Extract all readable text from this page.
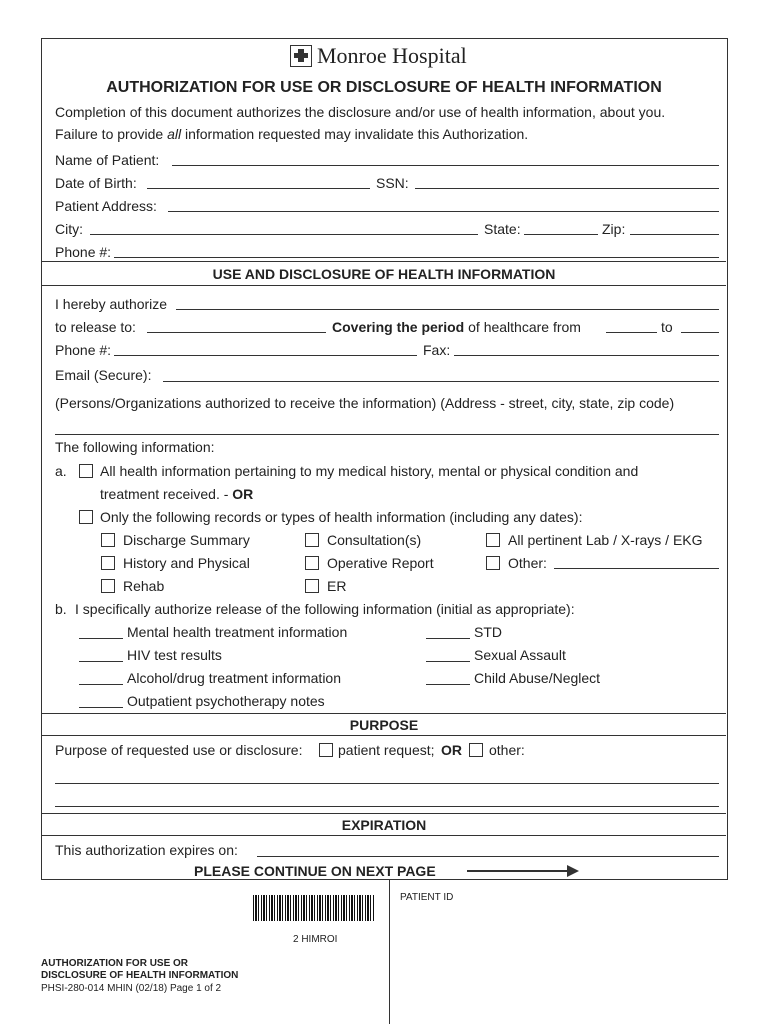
Monroe Hospital
AUTHORIZATION FOR USE OR DISCLOSURE OF HEALTH INFORMATION
Completion of this document authorizes the disclosure and/or use of health information, about you.
Failure to provide all information requested may invalidate this Authorization.
Name of Patient:
Date of Birth:	SSN:
Patient Address:
City:	State:	Zip:
Phone #:
USE AND DISCLOSURE OF HEALTH INFORMATION
I hereby authorize
to release to:	Covering the period of healthcare from	to
Phone #:	Fax:
Email (Secure):
(Persons/Organizations authorized to receive the information) (Address - street, city, state, zip code)
The following information:
a. All health information pertaining to my medical history, mental or physical condition and
treatment received. - OR
Only the following records or types of health information (including any dates):
Discharge Summary	Consultation(s)	All pertinent Lab / X-rays / EKG
History and Physical	Operative Report	Other:
Rehab	ER
b. I specifically authorize release of the following information (initial as appropriate):
Mental health treatment information	STD
HIV test results	Sexual Assault
Alcohol/drug treatment information	Child Abuse/Neglect
Outpatient psychotherapy notes
PURPOSE
Purpose of requested use or disclosure:	patient request; OR other:
EXPIRATION
This authorization expires on:
PLEASE CONTINUE ON NEXT PAGE
PATIENT ID
2 HIMROI
AUTHORIZATION FOR USE OR
DISCLOSURE OF HEALTH INFORMATION
PHSI-280-014 MHIN (02/18) Page 1 of 2
